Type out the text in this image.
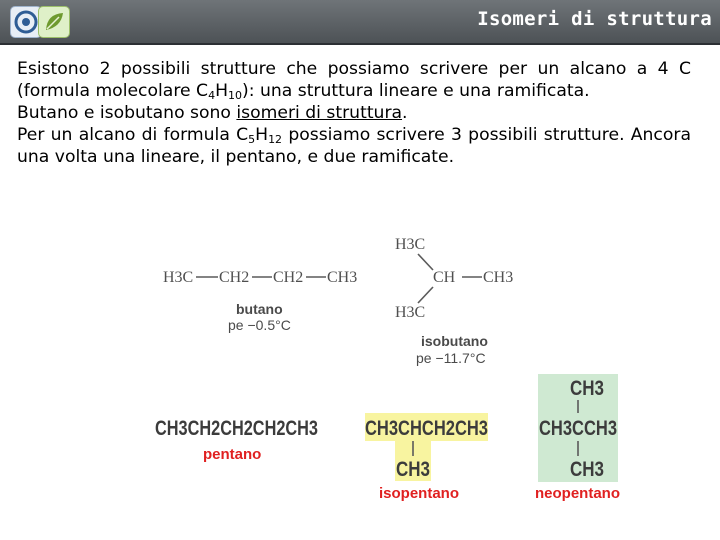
Isomeri di struttura

Esistono 2 possibili strutture che possiamo scrivere per un alcano a 4 C (formula molecolare $C_4H_{10}$): una struttura lineare e una ramificata.

Butano e isobutano sono isomeri di struttura.

Per un alcano di formula $C_5H_{12}$ possiamo scrivere 3 possibili strutture. Ancora una volta una lineare, il pentano, e due ramificate.

H3C CH2 CH2 CH3
butano
pe −0.5°C
H3C
CH CH3
H3C
isobutano
pe −11.7°C
CH3CH2CH2CH2CH3
pentano
CH3CHCH2CH3
CH3
isopentano
CH3
CH3CCH3
CH3
neopentano
